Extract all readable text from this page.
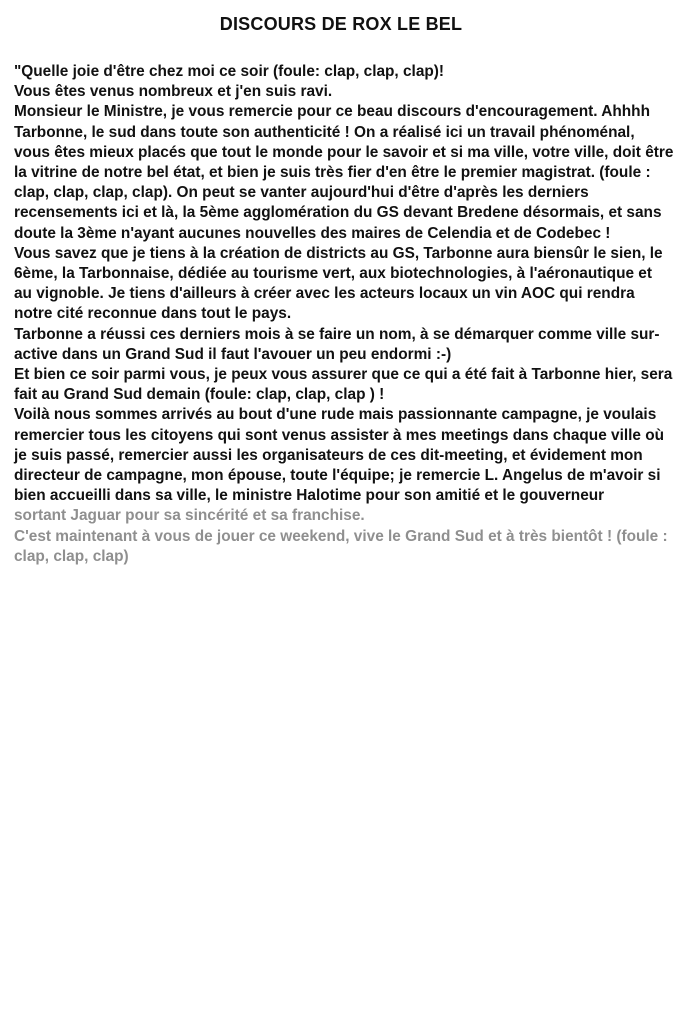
DISCOURS DE ROX LE BEL

"Quelle joie d'être chez moi ce soir (foule: clap, clap, clap)!

Vous êtes venus nombreux et j'en suis ravi.

Monsieur le Ministre, je vous remercie pour ce beau discours d'encouragement. Ahhhh Tarbonne, le sud dans toute son authenticité ! On a réalisé ici un travail phénoménal, vous êtes mieux placés que tout le monde pour le savoir et si ma ville, votre ville, doit être la vitrine de notre bel état, et bien je suis très fier d'en être le premier magistrat. (foule : clap, clap, clap, clap). On peut se vanter aujourd'hui d'être d'après les derniers recensements ici et là, la 5ème agglomération du GS devant Bredene désormais, et sans doute la 3ème n'ayant aucunes nouvelles des maires de Celendia et de Codebec !

Vous savez que je tiens à la création de districts au GS, Tarbonne aura biensûr le sien, le 6ème, la Tarbonnaise, dédiée au tourisme vert, aux biotechnologies, à l'aéronautique et au vignoble. Je tiens d'ailleurs à créer avec les acteurs locaux un vin AOC qui rendra notre cité reconnue dans tout le pays.

Tarbonne a réussi ces derniers mois à se faire un nom, à se démarquer comme ville sur-active dans un Grand Sud il faut l'avouer un peu endormi :-)

Et bien ce soir parmi vous, je peux vous assurer que ce qui a été fait à Tarbonne hier, sera fait au Grand Sud demain (foule: clap, clap, clap ) !

Voilà nous sommes arrivés au bout d'une rude mais passionnante campagne, je voulais remercier tous les citoyens qui sont venus assister à mes meetings dans chaque ville où je suis passé, remercier aussi les organisateurs de ces dit-meeting, et évidement mon directeur de campagne, mon épouse, toute l'équipe; je remercie L. Angelus de m'avoir si bien accueilli dans sa ville, le ministre Halotime pour son amitié et le gouverneur

sortant Jaguar pour sa sincérité et sa franchise.

C'est maintenant à vous de jouer ce weekend, vive le Grand Sud et à très bientôt ! (foule : clap, clap, clap)
